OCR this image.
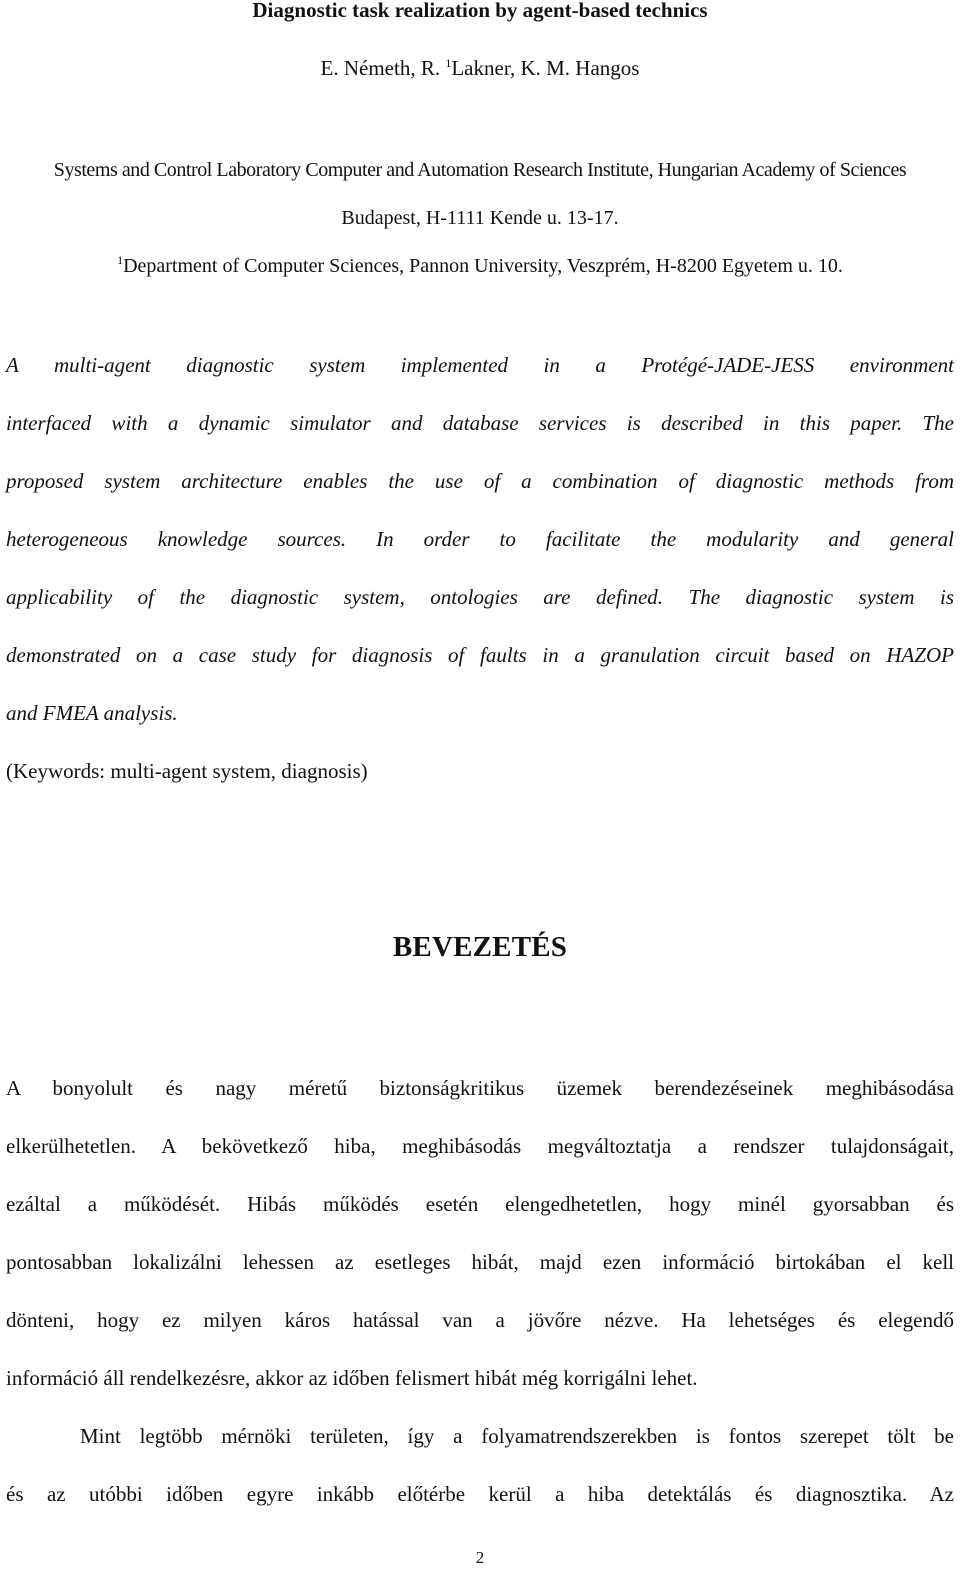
Diagnostic task realization by agent-based technics
E. Németh, R. $^1$Lakner, K. M. Hangos
Systems and Control Laboratory Computer and Automation Research Institute, Hungarian Academy of Sciences
Budapest, H-1111 Kende u. 13-17.
$^1$Department of Computer Sciences, Pannon University, Veszprém, H-8200 Egyetem u. 10.
A multi-agent diagnostic system implemented in a Protégé-JADE-JESS environment
interfaced with a dynamic simulator and database services is described in this paper. The
proposed system architecture enables the use of a combination of diagnostic methods from
heterogeneous knowledge sources. In order to facilitate the modularity and general
applicability of the diagnostic system, ontologies are defined. The diagnostic system is
demonstrated on a case study for diagnosis of faults in a granulation circuit based on HAZOP
and FMEA analysis.
(Keywords: multi-agent system, diagnosis)
BEVEZETÉS
A bonyolult és nagy méretű biztonságkritikus üzemek berendezéseinek meghibásodása
elkerülhetetlen. A bekövetkező hiba, meghibásodás megváltoztatja a rendszer tulajdonságait,
ezáltal a működését. Hibás működés esetén elengedhetetlen, hogy minél gyorsabban és
pontosabban lokalizálni lehessen az esetleges hibát, majd ezen információ birtokában el kell
dönteni, hogy ez milyen káros hatással van a jövőre nézve. Ha lehetséges és elegendő
információ áll rendelkezésre, akkor az időben felismert hibát még korrigálni lehet.
Mint legtöbb mérnöki területen, így a folyamatrendszerekben is fontos szerepet tölt be
és az utóbbi időben egyre inkább előtérbe kerül a hiba detektálás és diagnosztika. Az
2
